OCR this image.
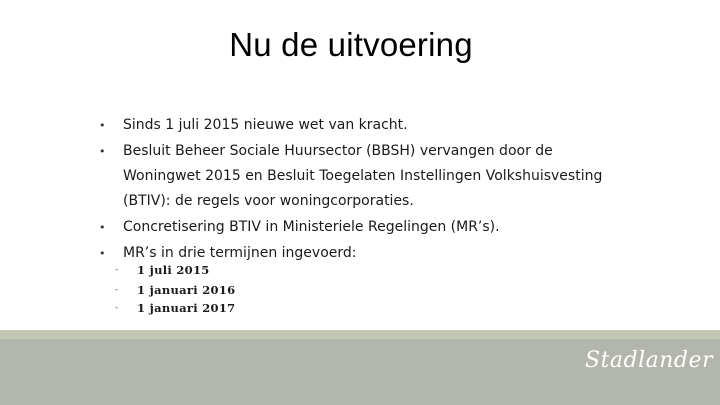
Nu de uitvoering
• Sinds 1 juli 2015 nieuwe wet van kracht.
• Besluit Beheer Sociale Huursector (BBSH) vervangen door de
Woningwet 2015 en Besluit Toegelaten Instellingen Volkshuisvesting
(BTIV): de regels voor woningcorporaties.
• Concretisering BTIV in Ministeriele Regelingen (MR’s).
• MR’s in drie termijnen ingevoerd:
- 1 juli 2015
- 1 januari 2016
- 1 januari 2017
Stadlander
